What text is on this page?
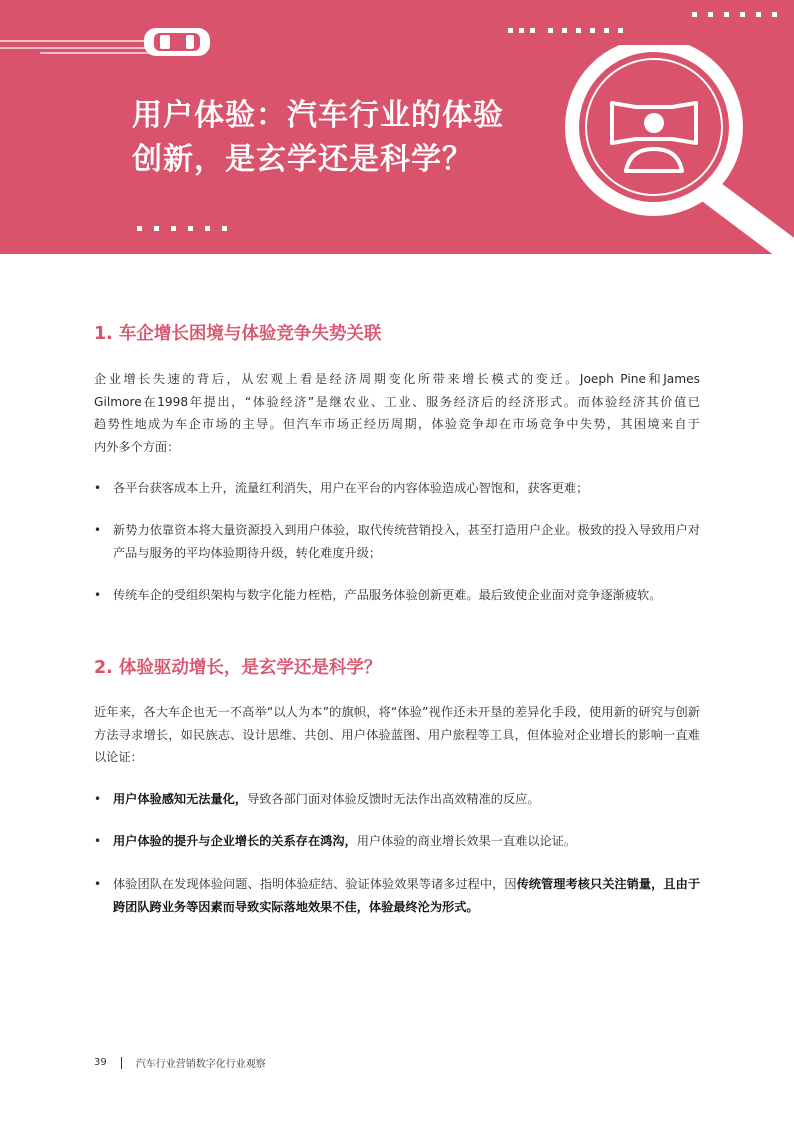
用户体验：汽车行业的体验
创新，是玄学还是科学？
1. 车企增长困境与体验竞争失势关联
企业增长失速的背后，从宏观上看是经济周期变化所带来增长模式的变迁。Joeph Pine和James
Gilmore在1998年提出，“体验经济”是继农业、工业、服务经济后的经济形式。而体验经济其价值已
趋势性地成为车企市场的主导。但汽车市场正经历周期，体验竞争却在市场竞争中失势，其困境来自于
内外多个方面：
• 各平台获客成本上升，流量红利消失，用户在平台的内容体验造成心智饱和，获客更难；
• 新势力依靠资本将大量资源投入到用户体验，取代传统营销投入，甚至打造用户企业。极致的投入导致用户对产品与服务的平均体验期待升级，转化难度升级；
• 传统车企的受组织架构与数字化能力桎梏，产品服务体验创新更难。最后致使企业面对竞争逐渐疲软。
2. 体验驱动增长，是玄学还是科学？
近年来，各大车企也无一不高举“以人为本”的旗帜，将“体验”视作还未开垦的差异化手段，使用新的研究与创新方法寻求增长，如民族志、设计思维、共创、用户体验蓝图、用户旅程等工具，但体验对企业增长的影响一直难以论证：
• 用户体验感知无法量化，导致各部门面对体验反馈时无法作出高效精准的反应。
• 用户体验的提升与企业增长的关系存在鸿沟，用户体验的商业增长效果一直难以论证。
• 体验团队在发现体验问题、指明体验症结、验证体验效果等诸多过程中，因传统管理考核只关注销量，且由于跨团队跨业务等因素而导致实际落地效果不佳，体验最终沦为形式。
39	汽车行业营销数字化行业观察
